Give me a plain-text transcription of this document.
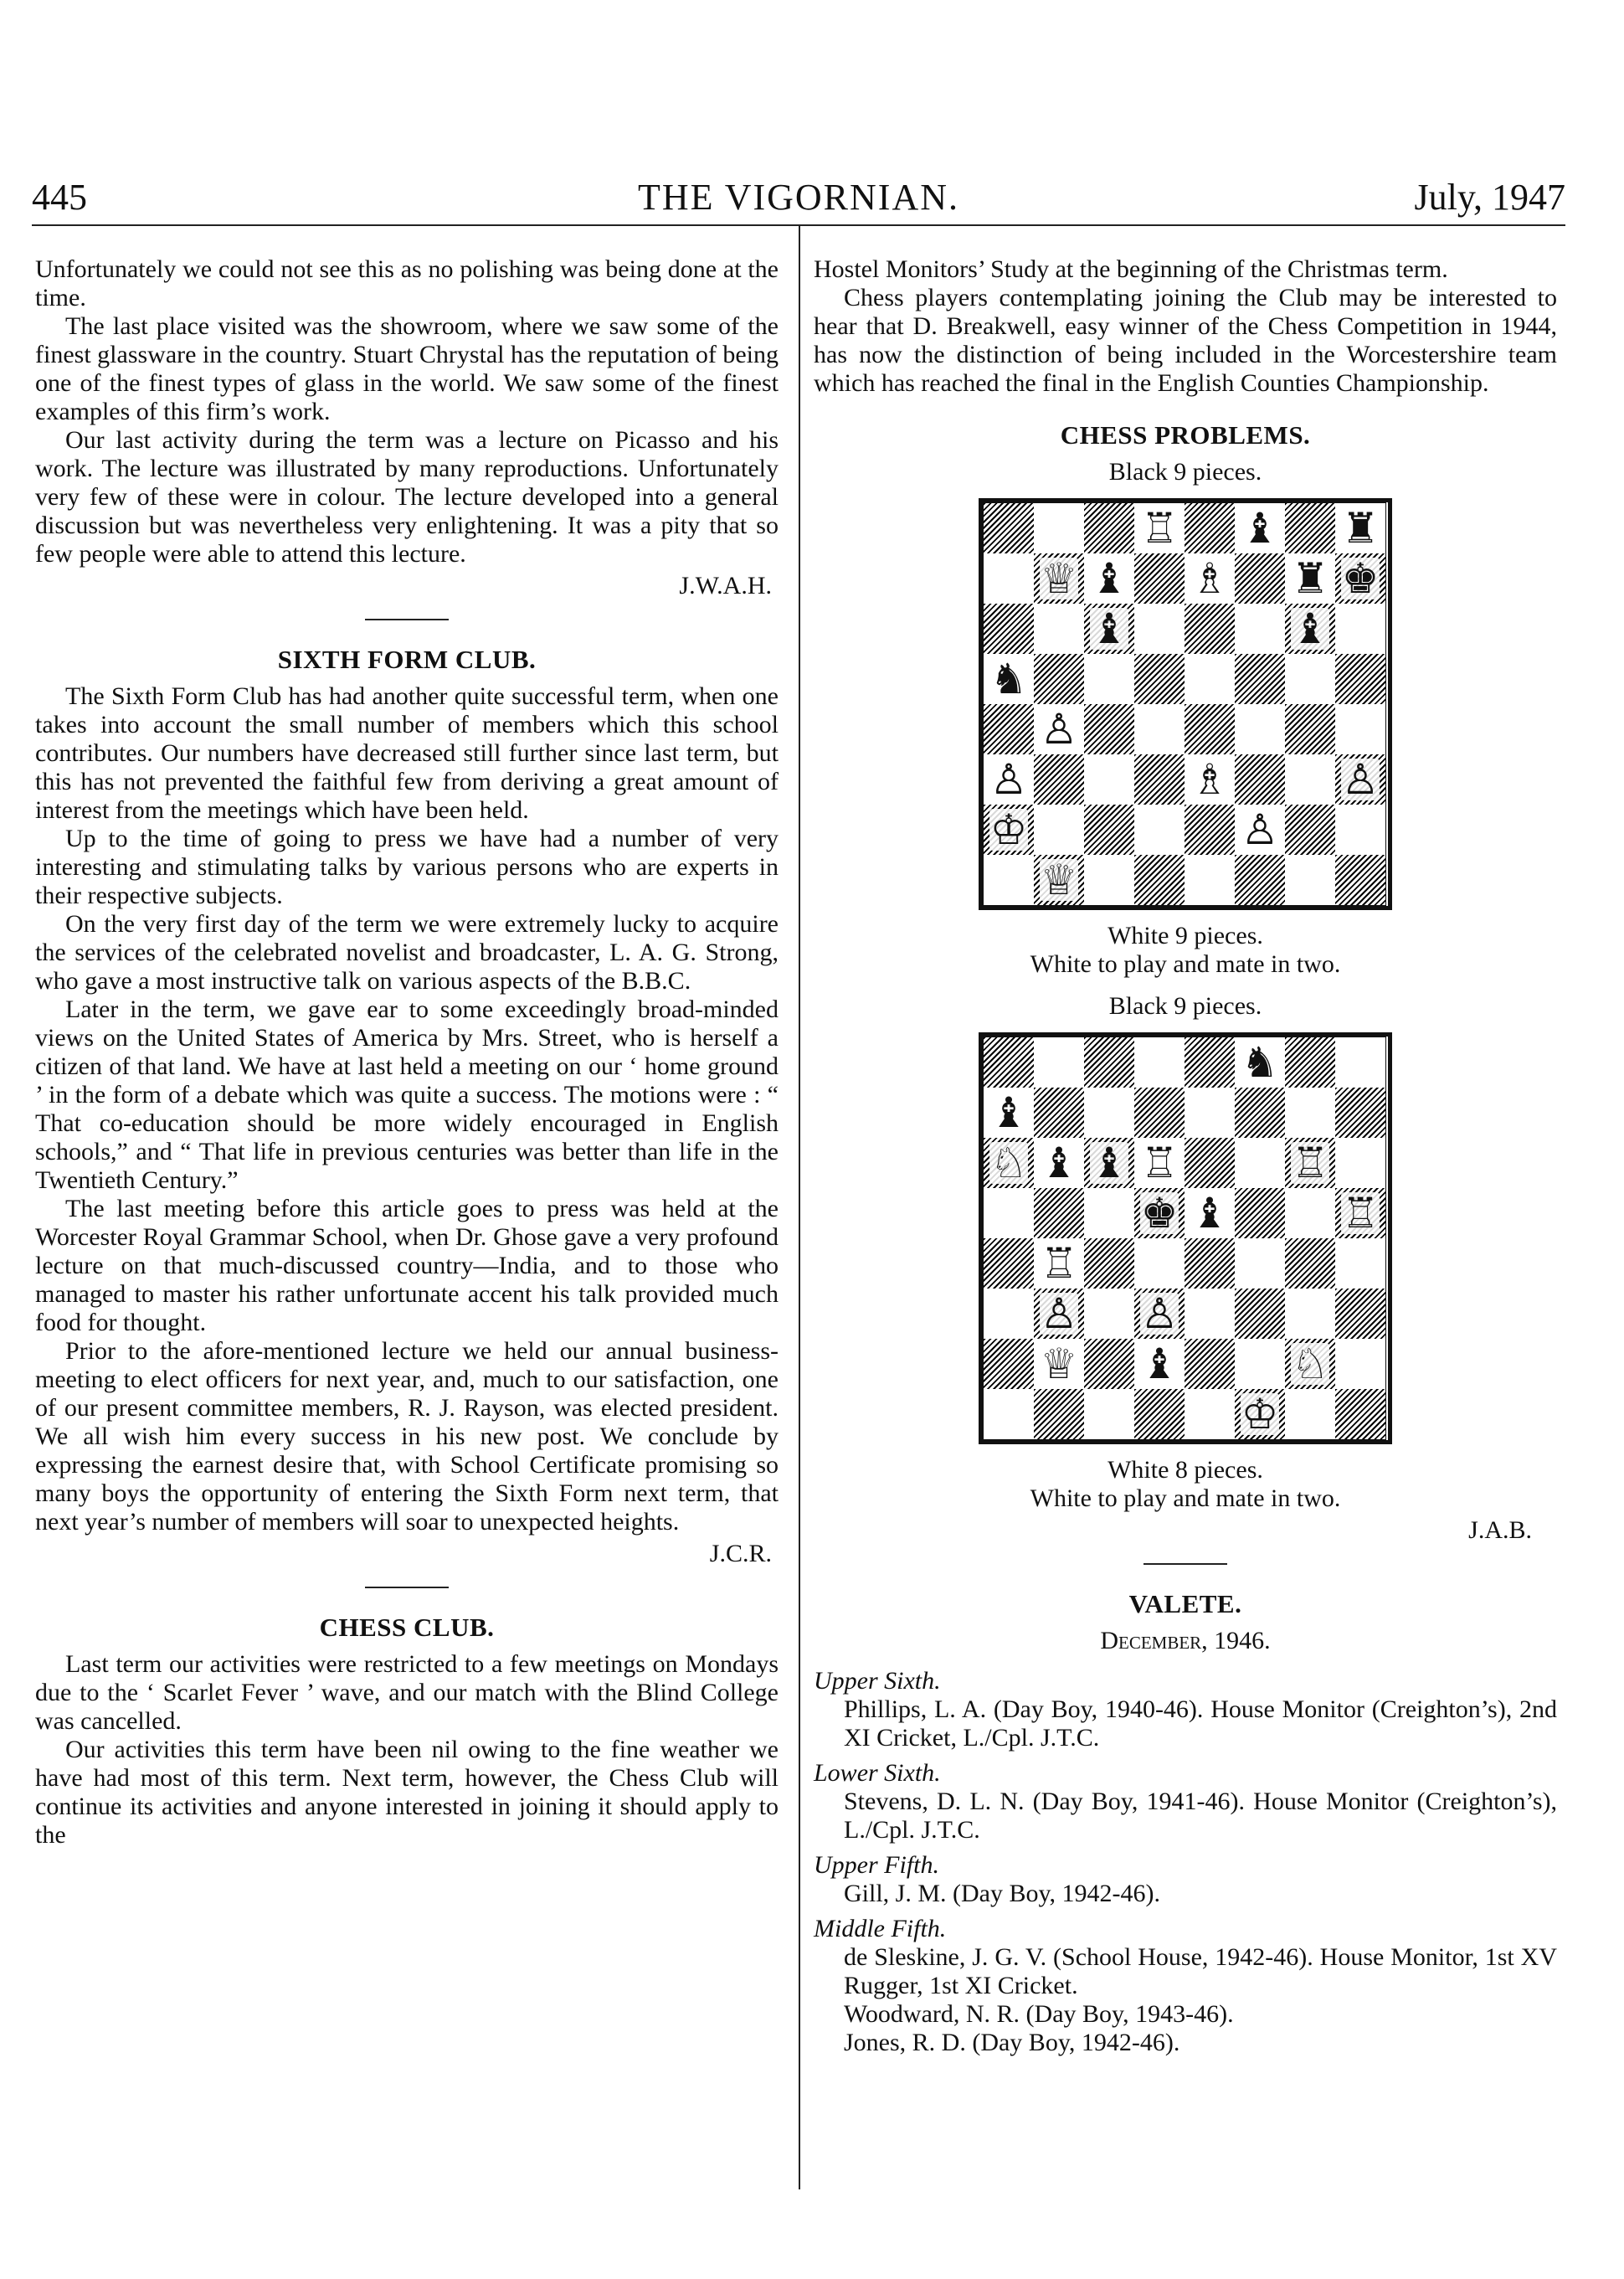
445	THE VIGORNIAN.	July, 1947

Unfortunately we could not see this as no polishing was being done at the time.

The last place visited was the showroom, where we saw some of the finest glassware in the country. Stuart Chrystal has the reputation of being one of the finest types of glass in the world. We saw some of the finest examples of this firm’s work.

Our last activity during the term was a lecture on Picasso and his work. The lecture was illustrated by many reproductions. Unfortunately very few of these were in colour. The lecture developed into a general discussion but was nevertheless very enlightening. It was a pity that so few people were able to attend this lecture.

J.W.A.H.
SIXTH FORM CLUB.

The Sixth Form Club has had another quite successful term, when one takes into account the small number of members which this school contributes. Our numbers have decreased still further since last term, but this has not prevented the faithful few from deriving a great amount of interest from the meetings which have been held.

Up to the time of going to press we have had a number of very interesting and stimulating talks by various persons who are experts in their respective subjects.

On the very first day of the term we were extremely lucky to acquire the services of the celebrated novelist and broadcaster, L. A. G. Strong, who gave a most instructive talk on various aspects of the B.B.C.

Later in the term, we gave ear to some exceedingly broad-minded views on the United States of America by Mrs. Street, who is herself a citizen of that land. We have at last held a meeting on our ‘ home ground ’ in the form of a debate which was quite a success. The motions were : “ That co-education should be more widely encouraged in English schools,” and “ That life in previous centuries was better than life in the Twentieth Century.”

The last meeting before this article goes to press was held at the Worcester Royal Grammar School, when Dr. Ghose gave a very profound lecture on that much-discussed country—India, and to those who managed to master his rather unfortunate accent his talk provided much food for thought.

Prior to the afore-mentioned lecture we held our annual business-meeting to elect officers for next year, and, much to our satisfaction, one of our present committee members, R. J. Rayson, was elected president. We all wish him every success in his new post. We conclude by expressing the earnest desire that, with School Certificate promising so many boys the opportunity of entering the Sixth Form next term, that next year’s number of members will soar to unexpected heights.

J.C.R.
CHESS CLUB.

Last term our activities were restricted to a few meetings on Mondays due to the ‘ Scarlet Fever ’ wave, and our match with the Blind College was cancelled.

Our activities this term have been nil owing to the fine weather we have had most of this term. Next term, however, the Chess Club will continue its activities and anyone interested in joining it should apply to the

Hostel Monitors’ Study at the beginning of the Christmas term.

Chess players contemplating joining the Club may be interested to hear that D. Breakwell, easy winner of the Chess Competition in 1944, has now the distinction of being included in the Worcestershire team which has reached the final in the English Counties Championship.

CHESS PROBLEMS.
Black 9 pieces.
♖ ♝ ♜
♕ ♝ ♗ ♜ ♚
♝	♝
♞
♙
♙	♗	♙
♔	♙
♕
White 9 pieces.
White to play and mate in two.
Black 9 pieces.
♞
♝
♘ ♝ ♝ ♖	♖
♚ ♝	♖
♖
♙ ♙
♕ ♝	♘
♔
White 8 pieces.
White to play and mate in two.
J.A.B.
VALETE.
December, 1946.
Upper Sixth.
Phillips, L. A. (Day Boy, 1940-46). House Monitor (Creighton’s), 2nd XI Cricket, L./Cpl. J.T.C.
Lower Sixth.
Stevens, D. L. N. (Day Boy, 1941-46). House Monitor (Creighton’s), L./Cpl. J.T.C.
Upper Fifth.
Gill, J. M. (Day Boy, 1942-46).
Middle Fifth.
de Sleskine, J. G. V. (School House, 1942-46). House Monitor, 1st XV Rugger, 1st XI Cricket.
Woodward, N. R. (Day Boy, 1943-46).
Jones, R. D. (Day Boy, 1942-46).
